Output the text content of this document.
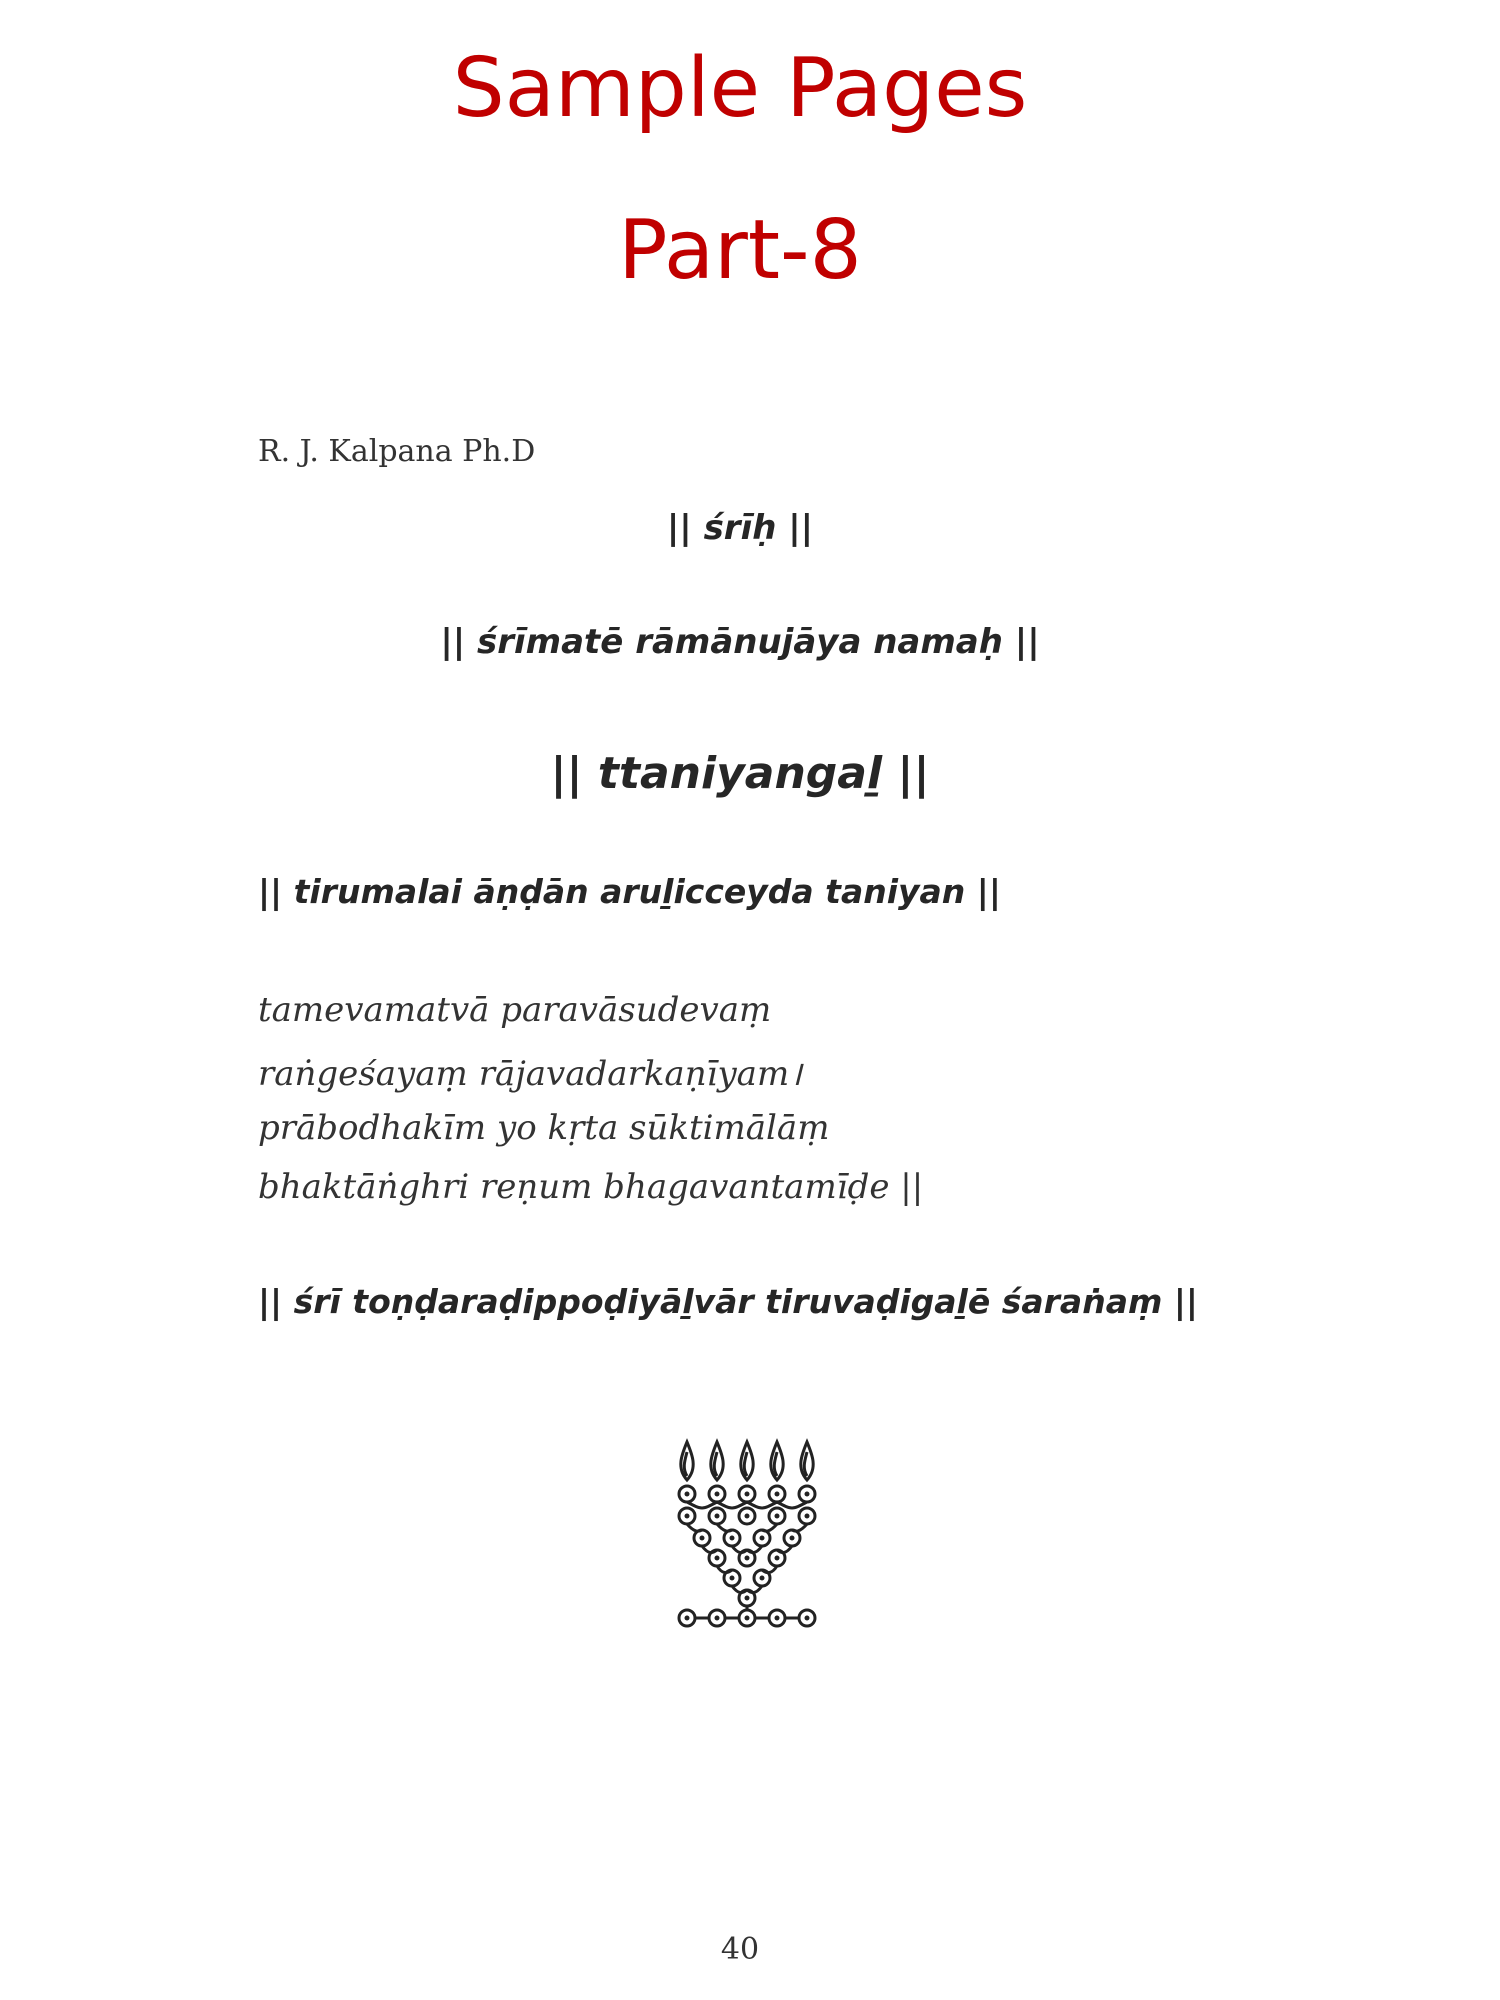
Sample Pages
Part-8
R. J. Kalpana Ph.D
|| śrīḥ ||
|| śrīmatē rāmānujāya namaḥ ||
|| ttaniyangaḻ ||
|| tirumalai āṇḍān aruḻicceyda taniyan ||
tamevamatvā paravāsudevaṃ
raṅgeśayaṃ rājavadarkaṇīyam।
prābodhakīm yo kṛta sūktimālāṃ
bhaktāṅghri reṇum bhagavantamīḍe ||
|| śrī toṇḍaraḍippoḍiyāḻvār tiruvaḍigaḻē śaraṅaṃ ||
40
